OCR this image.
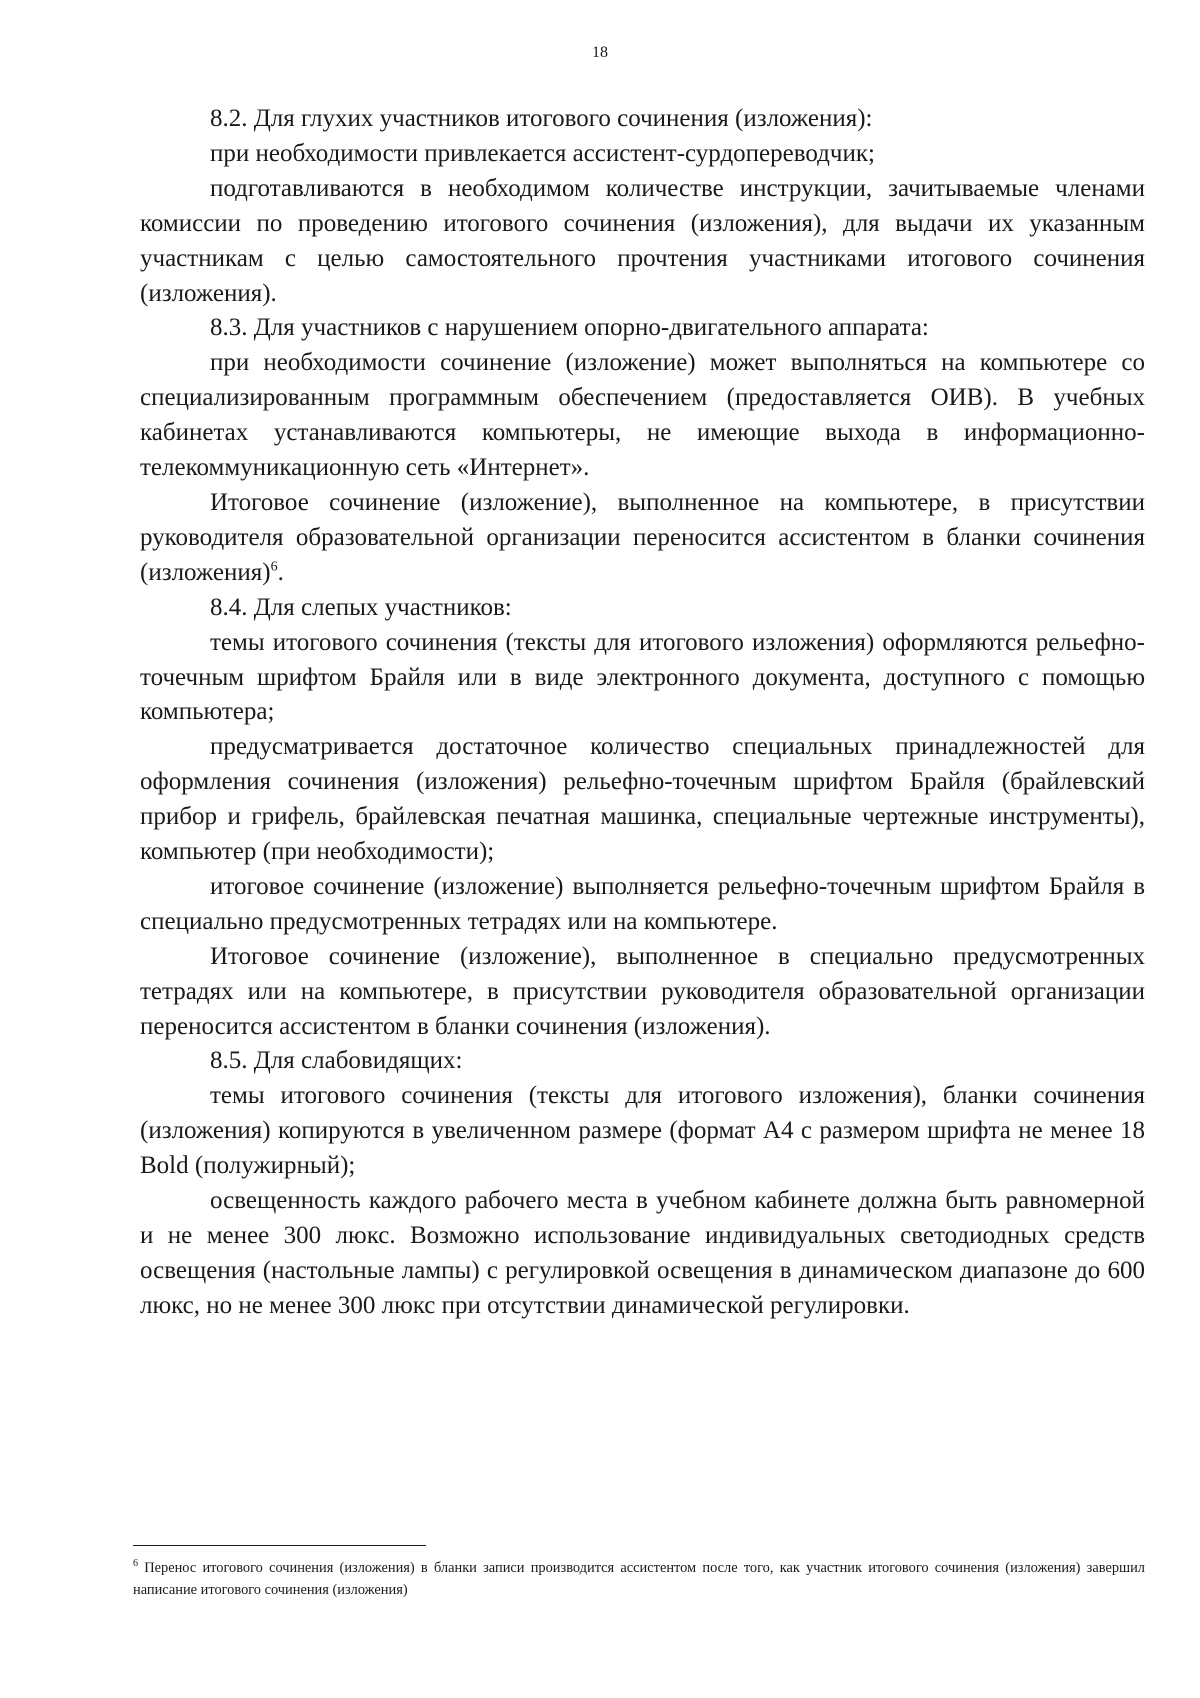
18

8.2. Для глухих участников итогового сочинения (изложения):

при необходимости привлекается ассистент-сурдопереводчик;

подготавливаются в необходимом количестве инструкции, зачитываемые членами комиссии по проведению итогового сочинения (изложения), для выдачи их указанным участникам с целью самостоятельного прочтения участниками итогового сочинения (изложения).

8.3. Для участников с нарушением опорно-двигательного аппарата:

при необходимости сочинение (изложение) может выполняться на компьютере со специализированным программным обеспечением (предоставляется ОИВ). В учебных кабинетах устанавливаются компьютеры, не имеющие выхода в информационно-телекоммуникационную сеть «Интернет».

Итоговое сочинение (изложение), выполненное на компьютере, в присутствии руководителя образовательной организации переносится ассистентом в бланки сочинения (изложения)$^6$.

8.4. Для слепых участников:

темы итогового сочинения (тексты для итогового изложения) оформляются рельефно-точечным шрифтом Брайля или в виде электронного документа, доступного с помощью компьютера;

предусматривается достаточное количество специальных принадлежностей для оформления сочинения (изложения) рельефно-точечным шрифтом Брайля (брайлевский прибор и грифель, брайлевская печатная машинка, специальные чертежные инструменты), компьютер (при необходимости);

итоговое сочинение (изложение) выполняется рельефно-точечным шрифтом Брайля в специально предусмотренных тетрадях или на компьютере.

Итоговое сочинение (изложение), выполненное в специально предусмотренных тетрадях или на компьютере, в присутствии руководителя образовательной организации переносится ассистентом в бланки сочинения (изложения).

8.5. Для слабовидящих:

темы итогового сочинения (тексты для итогового изложения), бланки сочинения (изложения) копируются в увеличенном размере (формат А4 с размером шрифта не менее 18 Bold (полужирный);

освещенность каждого рабочего места в учебном кабинете должна быть равномерной и не менее 300 люкс. Возможно использование индивидуальных светодиодных средств освещения (настольные лампы) с регулировкой освещения в динамическом диапазоне до 600 люкс, но не менее 300 люкс при отсутствии динамической регулировки.

$^6$ Перенос итогового сочинения (изложения) в бланки записи производится ассистентом после того, как участник итогового сочинения (изложения) завершил написание итогового сочинения (изложения)
